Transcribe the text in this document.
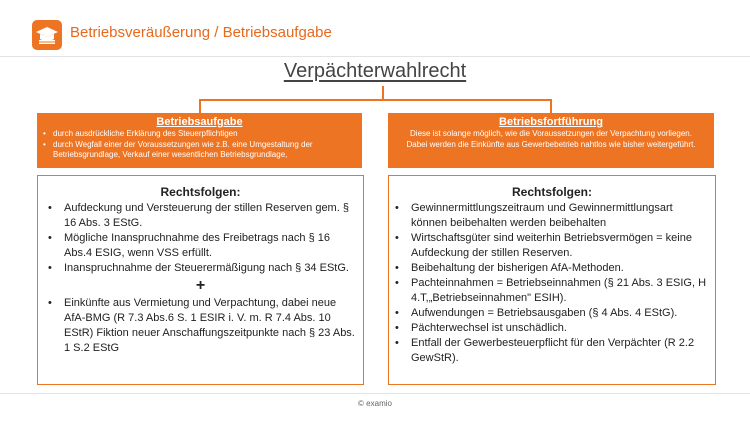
Betriebsveräußerung / Betriebsaufgabe
Verpächterwahlrecht
Betriebsaufgabe
• durch ausdrückliche Erklärung des Steuerpflichtigen
• durch Wegfall einer der Voraussetzungen wie z.B. eine Umgestaltung der Betriebsgrundlage, Verkauf einer wesentlichen Betriebsgrundlage,
Betriebsfortführung

Diese ist solange möglich, wie die Voraussetzungen der Verpachtung vorliegen. Dabei werden die Einkünfte aus Gewerbebetrieb nahtlos wie bisher weitergeführt.

Rechtsfolgen:
• Aufdeckung und Versteuerung der stillen Reserven gem. § 16 Abs. 3 EStG.
• Mögliche Inanspruchnahme des Freibetrags nach § 16 Abs.4 ESIG, wenn VSS erfüllt.
• Inanspruchnahme der Steuerermäßigung nach § 34 EStG.
+
• Einkünfte aus Vermietung und Verpachtung, dabei neue AfA-BMG (R 7.3 Abs.6 S. 1 ESIR i. V. m. R 7.4 Abs. 10 EStR) Fiktion neuer Anschaffungszeitpunkte nach § 23 Abs. 1 S.2 EStG
Rechtsfolgen:
• Gewinnermittlungszeitraum und Gewinnermittlungsart können beibehalten werden beibehalten
• Wirtschaftsgüter sind weiterhin Betriebsvermögen = keine Aufdeckung der stillen Reserven.
• Beibehaltung der bisherigen AfA-Methoden.
• Pachteinnahmen = Betriebseinnahmen (§ 21 Abs. 3 ESIG, H 4.T,„Betriebseinnahmen" ESIH).
• Aufwendungen = Betriebsausgaben (§ 4 Abs. 4 EStG).
• Pächterwechsel ist unschädlich.
• Entfall der Gewerbesteuerpflicht für den Verpächter (R 2.2 GewStR).
© examio
